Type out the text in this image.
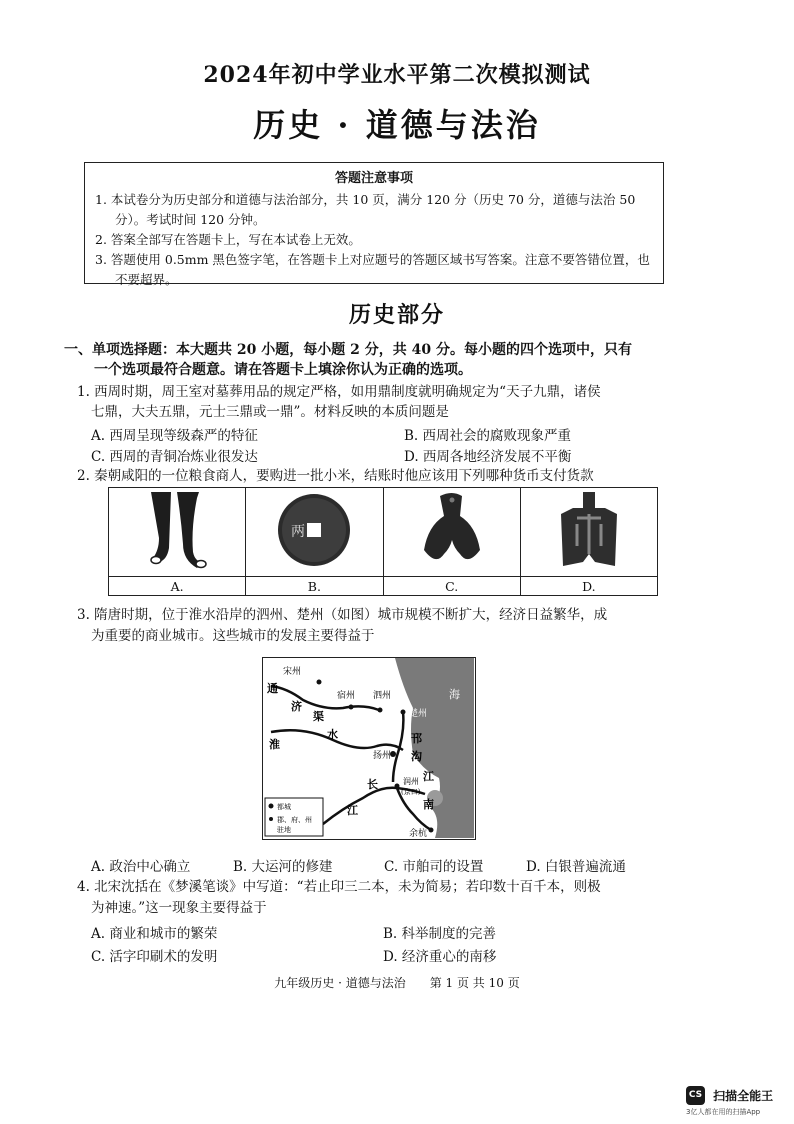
2024年初中学业水平第二次模拟测试
历史 · 道德与法治
答题注意事项

1. 本试卷分为历史部分和道德与法治部分，共 10 页，满分 120 分（历史 70 分，道德与法治 50 分）。考试时间 120 分钟。

2. 答案全部写在答题卡上，写在本试卷上无效。

3. 答题使用 0.5mm 黑色签字笔，在答题卡上对应题号的答题区域书写答案。注意不要答错位置，也不要超界。

历史部分
一、单项选择题：本大题共 20 小题，每小题 2 分，共 40 分。每小题的四个选项中，只有
一个选项最符合题意。请在答题卡上填涂你认为正确的选项。
1. 西周时期，周王室对墓葬用品的规定严格，如用鼎制度就明确规定为“天子九鼎，诸侯
七鼎，大夫五鼎，元士三鼎或一鼎”。材料反映的本质问题是
A. 西周呈现等级森严的特征	B. 西周社会的腐败现象严重
C. 西周的青铜冶炼业很发达	D. 西周各地经济发展不平衡
2. 秦朝咸阳的一位粮食商人，要购进一批小米，结账时他应该用下列哪种货币支付货款

两

A.	B.	C.	D.
3. 隋唐时期，位于淮水沿岸的泗州、楚州（如图）城市规模不断扩大，经济日益繁华，成
为重要的商业城市。这些城市的发展主要得益于
宋州
宿州 泗州
楚州
扬州
润州
(京口)
余杭
海
通
济
渠
水
淮	邗
沟
长
江
江
南
都城
郡、府、州
驻地
A. 政治中心确立	B. 大运河的修建	C. 市舶司的设置	D. 白银普遍流通
4. 北宋沈括在《梦溪笔谈》中写道：“若止印三二本，未为简易；若印数十百千本，则极
为神速。”这一现象主要得益于
A. 商业和城市的繁荣	B. 科举制度的完善
C. 活字印刷术的发明	D. 经济重心的南移
九年级历史 · 道德与法治　　第 1 页 共 10 页
CS 扫描全能王
3亿人都在用的扫描App
